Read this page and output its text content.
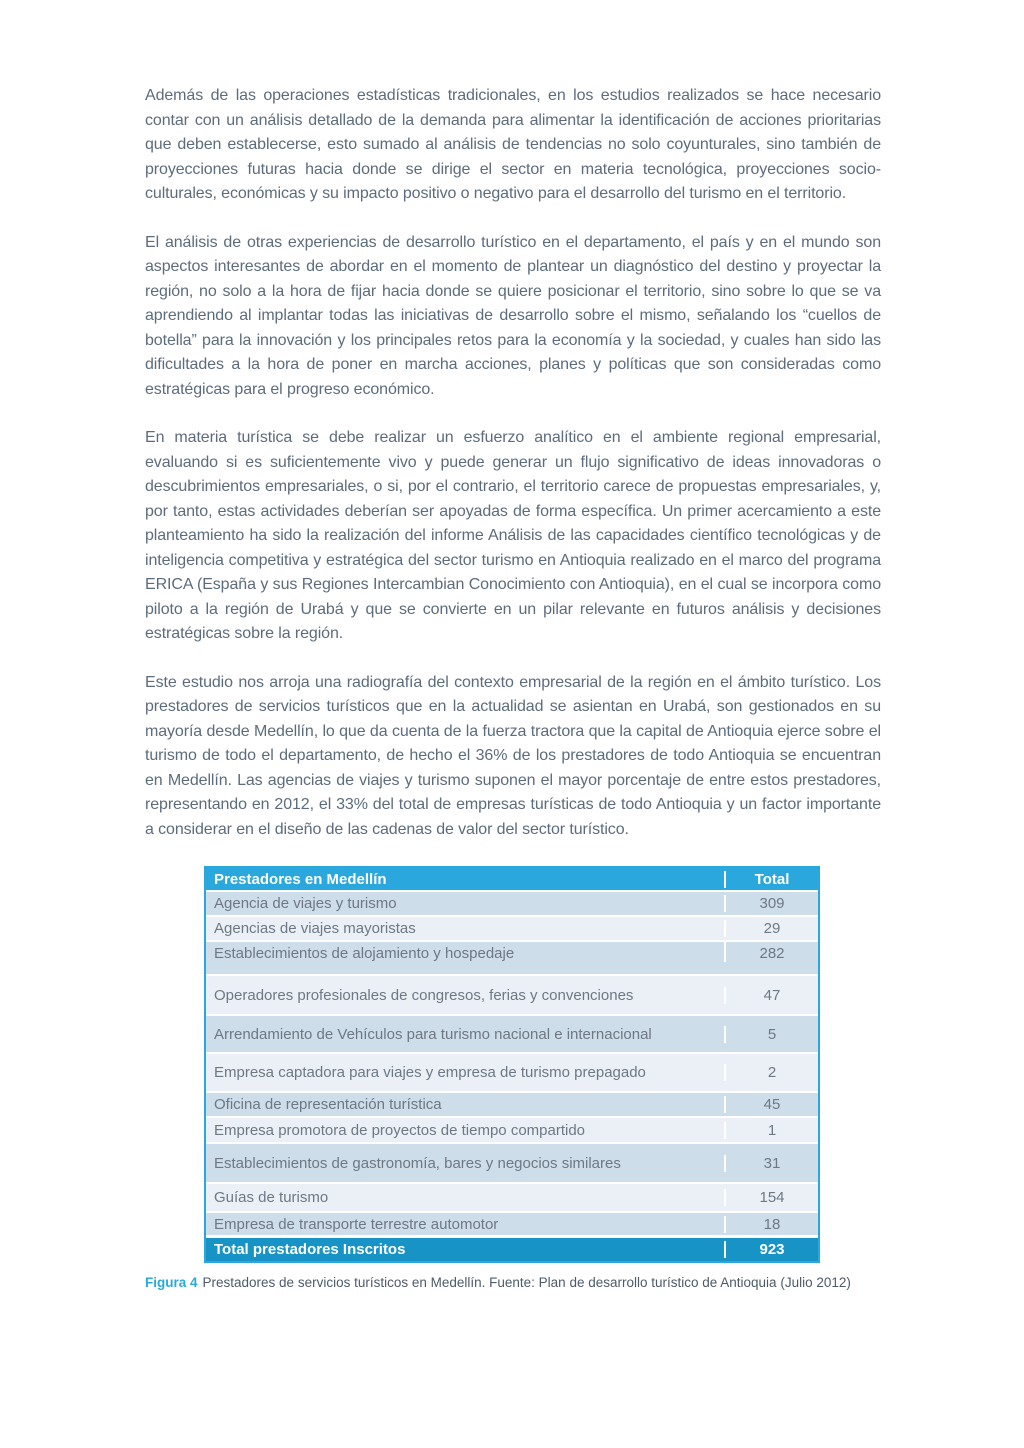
Además de las operaciones estadísticas tradicionales, en los estudios realizados se hace necesario contar con un análisis detallado de la demanda para alimentar la identificación de acciones prioritarias que deben establecerse, esto sumado al análisis de tendencias no solo coyunturales, sino también de proyecciones futuras hacia donde se dirige el sector en materia tecnológica, proyecciones socio-culturales, económicas y su impacto positivo o negativo para el desarrollo del turismo en el territorio.

El análisis de otras experiencias de desarrollo turístico en el departamento, el país y en el mundo son aspectos interesantes de abordar en el momento de plantear un diagnóstico del destino y proyectar la región, no solo a la hora de fijar hacia donde se quiere posicionar el territorio, sino sobre lo que se va aprendiendo al implantar todas las iniciativas de desarrollo sobre el mismo, señalando los “cuellos de botella” para la innovación y los principales retos para la economía y la sociedad, y cuales han sido las dificultades a la hora de poner en marcha acciones, planes y políticas que son consideradas como estratégicas para el progreso económico.

En materia turística se debe realizar un esfuerzo analítico en el ambiente regional empresarial, evaluando si es suficientemente vivo y puede generar un flujo significativo de ideas innovadoras o descubrimientos empresariales, o si, por el contrario, el territorio carece de propuestas empresariales, y, por tanto, estas actividades deberían ser apoyadas de forma específica. Un primer acercamiento a este planteamiento ha sido la realización del informe Análisis de las capacidades científico tecnológicas y de inteligencia competitiva y estratégica del sector turismo en Antioquia realizado en el marco del programa ERICA (España y sus Regiones Intercambian Conocimiento con Antioquia), en el cual se incorpora como piloto a la región de Urabá y que se convierte en un pilar relevante en futuros análisis y decisiones estratégicas sobre la región.

Este estudio nos arroja una radiografía del contexto empresarial de la región en el ámbito turístico. Los prestadores de servicios turísticos que en la actualidad se asientan en Urabá, son gestionados en su mayoría desde Medellín, lo que da cuenta de la fuerza tractora que la capital de Antioquia ejerce sobre el turismo de todo el departamento, de hecho el 36% de los prestadores de todo Antioquia se encuentran en Medellín. Las agencias de viajes y turismo suponen el mayor porcentaje de entre estos prestadores, representando en 2012, el 33% del total de empresas turísticas de todo Antioquia y un factor importante a considerar en el diseño de las cadenas de valor del sector turístico.

Prestadores en Medellín	Total
Agencia de viajes y turismo	309
Agencias de viajes mayoristas	29
Establecimientos de alojamiento y hospedaje	282
Operadores profesionales de congresos, ferias y convenciones	47
Arrendamiento de Vehículos para turismo nacional e internacional	5
Empresa captadora para viajes y empresa de turismo prepagado	2
Oficina de representación turística	45
Empresa promotora de proyectos de tiempo compartido	1
Establecimientos de gastronomía, bares y negocios similares	31
Guías de turismo	154
Empresa de transporte terrestre automotor	18
Total prestadores Inscritos	923
Figura 4 Prestadores de servicios turísticos en Medellín. Fuente: Plan de desarrollo turístico de Antioquia (Julio 2012)
